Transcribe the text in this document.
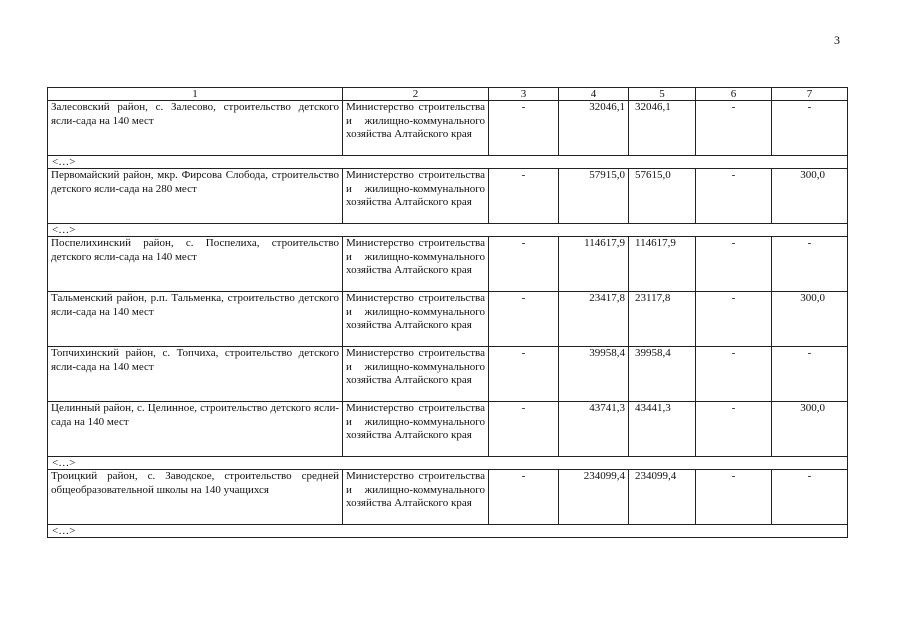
3
1	2	3	4	5	6	7
Залесовский район, с. Залесово, строительство детского ясли-сада на 140 мест	Министерство строительства и жилищно-коммунального хозяйства Алтайского края	-	32046,1	32046,1	-	-
<…>						
Первомайский район, мкр. Фирсова Слобода, строительство детского ясли-сада на 280 мест	Министерство строительства и жилищно-коммунального хозяйства Алтайского края	-	57915,0	57615,0	-	300,0
<…>						
Поспелихинский район, с. Поспелиха, строительство детского ясли-сада на 140 мест	Министерство строительства и жилищно-коммунального хозяйства Алтайского края	-	114617,9	114617,9	-	-
Тальменский район, р.п. Тальменка, строительство детского ясли-сада на 140 мест	Министерство строительства и жилищно-коммунального хозяйства Алтайского края	-	23417,8	23117,8	-	300,0
Топчихинский район, с. Топчиха, строительство детского ясли-сада на 140 мест	Министерство строительства и жилищно-коммунального хозяйства Алтайского края	-	39958,4	39958,4	-	-
Целинный район, с. Целинное, строительство детского ясли-сада на 140 мест	Министерство строительства и жилищно-коммунального хозяйства Алтайского края	-	43741,3	43441,3	-	300,0
<…>						
Троицкий район, с. Заводское, строительство средней общеобразовательной школы на 140 учащихся	Министерство строительства и жилищно-коммунального хозяйства Алтайского края	-	234099,4	234099,4	-	-
<…>						
